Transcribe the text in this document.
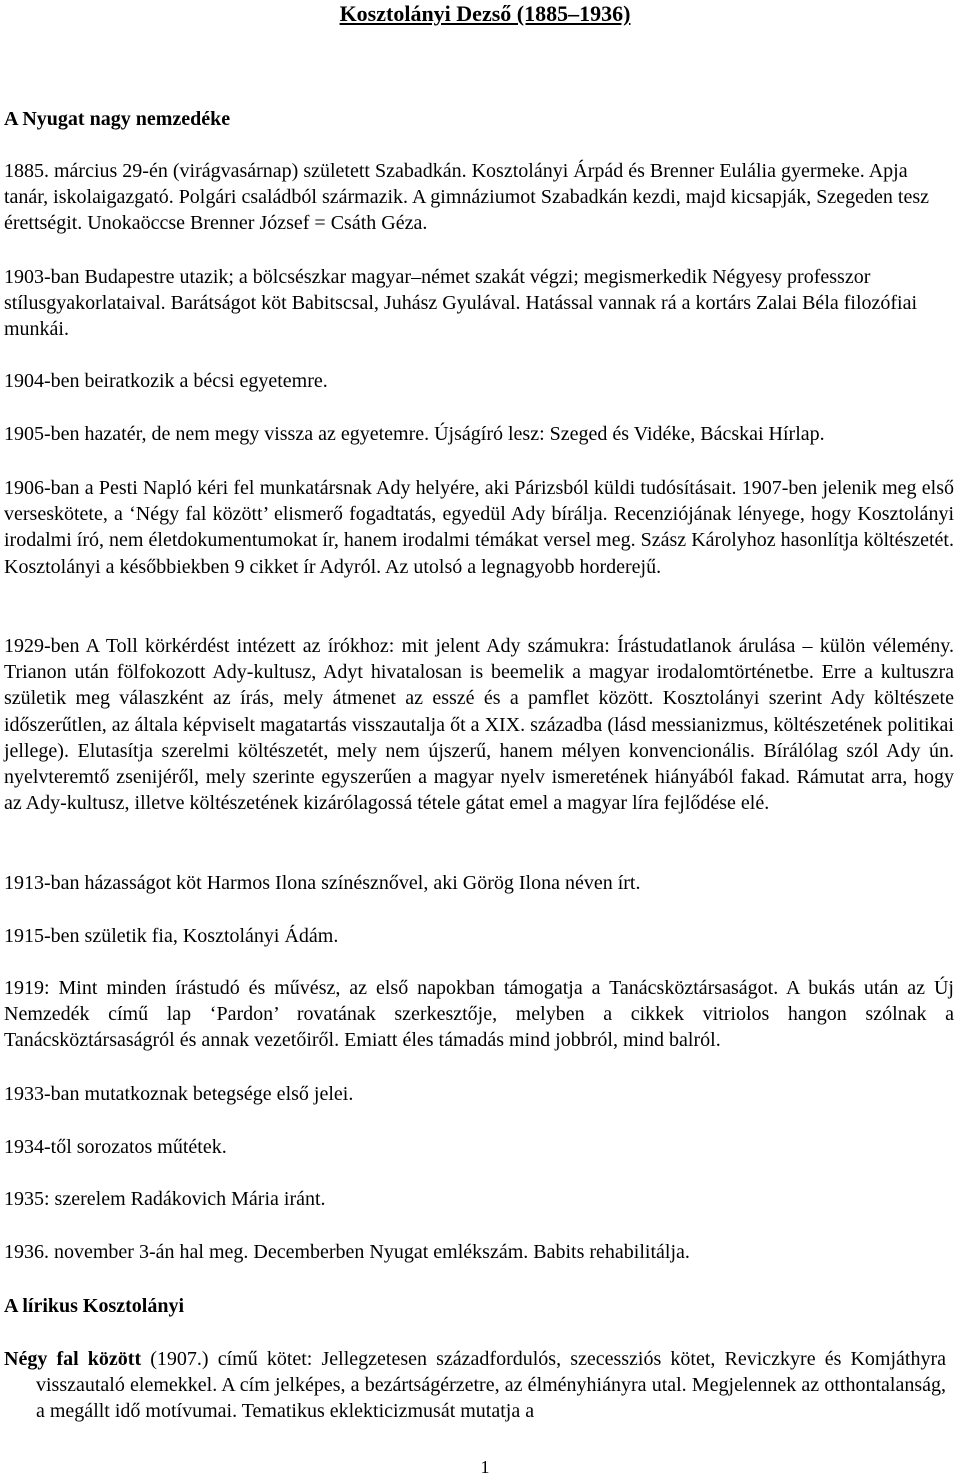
Kosztolányi Dezső (1885–1936)

A Nyugat nagy nemzedéke

1885. március 29-én (virágvasárnap) született Szabadkán. Kosztolányi Árpád és Brenner Eulália gyermeke. Apja tanár, iskolaigazgató. Polgári családból származik. A gimnáziumot Szabadkán kezdi, majd kicsapják, Szegeden tesz érettségit. Unokaöccse Brenner József = Csáth Géza.

1903-ban Budapestre utazik; a bölcsészkar magyar–német szakát végzi; megismerkedik Négyesy professzor stílusgyakorlataival. Barátságot köt Babitscsal, Juhász Gyulával. Hatással vannak rá a kortárs Zalai Béla filozófiai munkái.

1904-ben beiratkozik a bécsi egyetemre.

1905-ben hazatér, de nem megy vissza az egyetemre. Újságíró lesz: Szeged és Vidéke, Bácskai Hírlap.

1906-ban a Pesti Napló kéri fel munkatársnak Ady helyére, aki Párizsból küldi tudósításait. 1907-ben jelenik meg első verseskötete, a ‘Négy fal között’ elismerő fogadtatás, egyedül Ady bírálja. Recenziójának lényege, hogy Kosztolányi irodalmi író, nem életdokumentumokat ír, hanem irodalmi témákat versel meg. Szász Károlyhoz hasonlítja költészetét. Kosztolányi a későbbiekben 9 cikket ír Adyról. Az utolsó a legnagyobb horderejű.

1929-ben A Toll körkérdést intézett az írókhoz: mit jelent Ady számukra: Írástudatlanok árulása – külön vélemény. Trianon után fölfokozott Ady-kultusz, Adyt hivatalosan is beemelik a magyar irodalomtörténetbe. Erre a kultuszra születik meg válaszként az írás, mely átmenet az esszé és a pamflet között. Kosztolányi szerint Ady költészete időszerűtlen, az általa képviselt magatartás visszautalja őt a XIX. századba (lásd messianizmus, költészetének politikai jellege). Elutasítja szerelmi költészetét, mely nem újszerű, hanem mélyen konvencionális. Bírálólag szól Ady ún. nyelvteremtő zsenijéről, mely szerinte egyszerűen a magyar nyelv ismeretének hiányából fakad. Rámutat arra, hogy az Ady-kultusz, illetve költészetének kizárólagossá tétele gátat emel a magyar líra fejlődése elé.

1913-ban házasságot köt Harmos Ilona színésznővel, aki Görög Ilona néven írt.

1915-ben születik fia, Kosztolányi Ádám.

1919: Mint minden írástudó és művész, az első napokban támogatja a Tanácsköztársaságot. A bukás után az Új Nemzedék című lap ‘Pardon’ rovatának szerkesztője, melyben a cikkek vitriolos hangon szólnak a Tanácsköztársaságról és annak vezetőiről. Emiatt éles támadás mind jobbról, mind balról.

1933-ban mutatkoznak betegsége első jelei.

1934-től sorozatos műtétek.

1935: szerelem Radákovich Mária iránt.

1936. november 3-án hal meg. Decemberben Nyugat emlékszám. Babits rehabilitálja.

A lírikus Kosztolányi

Négy fal között (1907.) című kötet: Jellegzetesen századfordulós, szecessziós kötet, Reviczkyre és Komjáthyra visszautaló elemekkel. A cím jelképes, a bezártságérzetre, az élményhiányra utal. Megjelennek az otthontalanság, a megállt idő motívumai. Tematikus eklekticizmusát mutatja a

1
